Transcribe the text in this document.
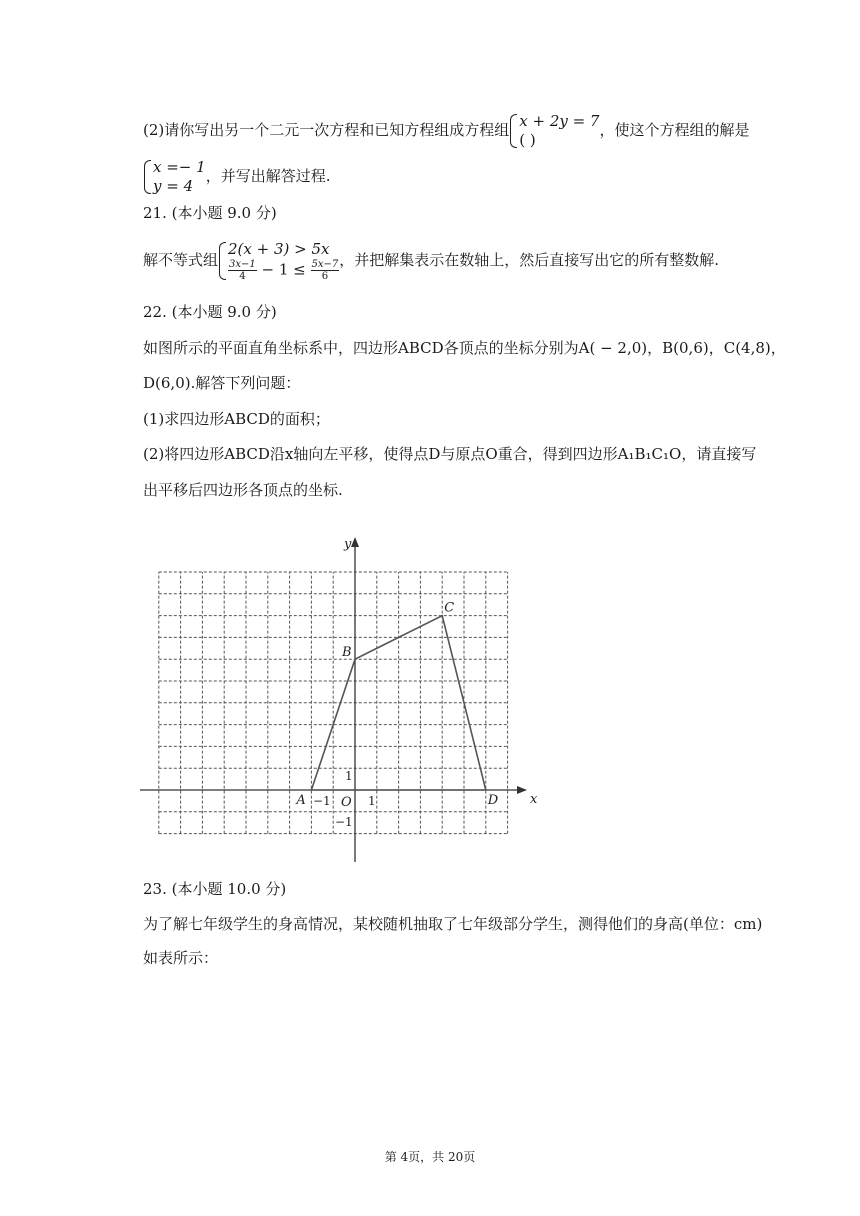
(2)请你写出另一个二元一次方程和已知方程组成方程组 x + 2y = 7
( )
，使这个方程组的解是
x =− 1
y = 4
，并写出解答过程.
21. (本小题 9.0 分)
解不等式组
2(x + 3) > 5x
$\frac{3x-1}{4} - 1 \le \frac{5x-7}{6}$ ，并把解集表示在数轴上，然后直接写出它的所有整数解.
22. (本小题 9.0 分)
如图所示的平面直角坐标系中，四边形ABCD各顶点的坐标分别为A( − 2,0)，B(0,6)，C(4,8)，
D(6,0).解答下列问题：
(1)求四边形ABCD的面积；
(2)将四边形ABCD沿x轴向左平移，使得点D与原点O重合，得到四边形A₁B₁C₁O，请直接写
出平移后四边形各顶点的坐标.
x
y
O 1
−1
1
−1
A
B
C
D
23. (本小题 10.0 分)
为了解七年级学生的身高情况，某校随机抽取了七年级部分学生，测得他们的身高(单位：cm)
如表所示：
第 4页，共 20页
